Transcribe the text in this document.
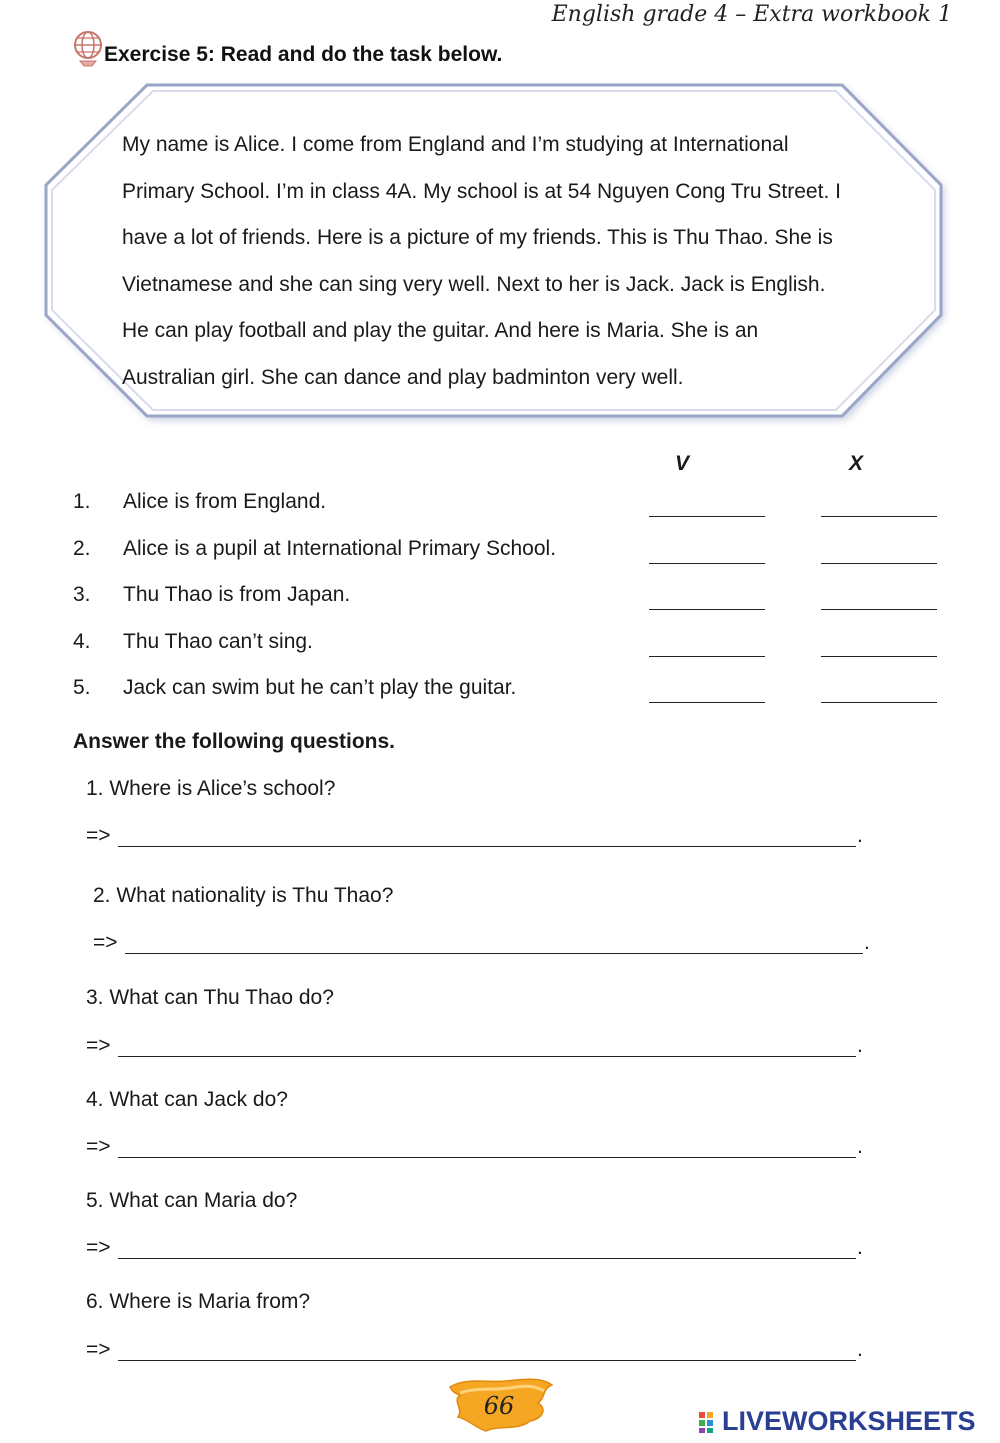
English grade 4 – Extra workbook 1
Exercise 5: Read and do the task below.
My name is Alice. I come from England and I’m studying at International
Primary School. I’m in class 4A. My school is at 54 Nguyen Cong Tru Street. I
have a lot of friends. Here is a picture of my friends. This is Thu Thao. She is
Vietnamese and she can sing very well. Next to her is Jack. Jack is English.
He can play football and play the guitar. And here is Maria. She is an
Australian girl. She can dance and play badminton very well.
V	X
1. Alice is from England.
2. Alice is a pupil at International Primary School.
3. Thu Thao is from Japan.
4. Thu Thao can’t sing.
5. Jack can swim but he can’t play the guitar.
Answer the following questions.
1. Where is Alice’s school?
=>	.
2. What nationality is Thu Thao?
=>	.
3. What can Thu Thao do?
=>	.
4. What can Jack do?
=>	.
5. What can Maria do?
=>	.
6. Where is Maria from?
=>	.
66	LIVEWORKSHEETS
